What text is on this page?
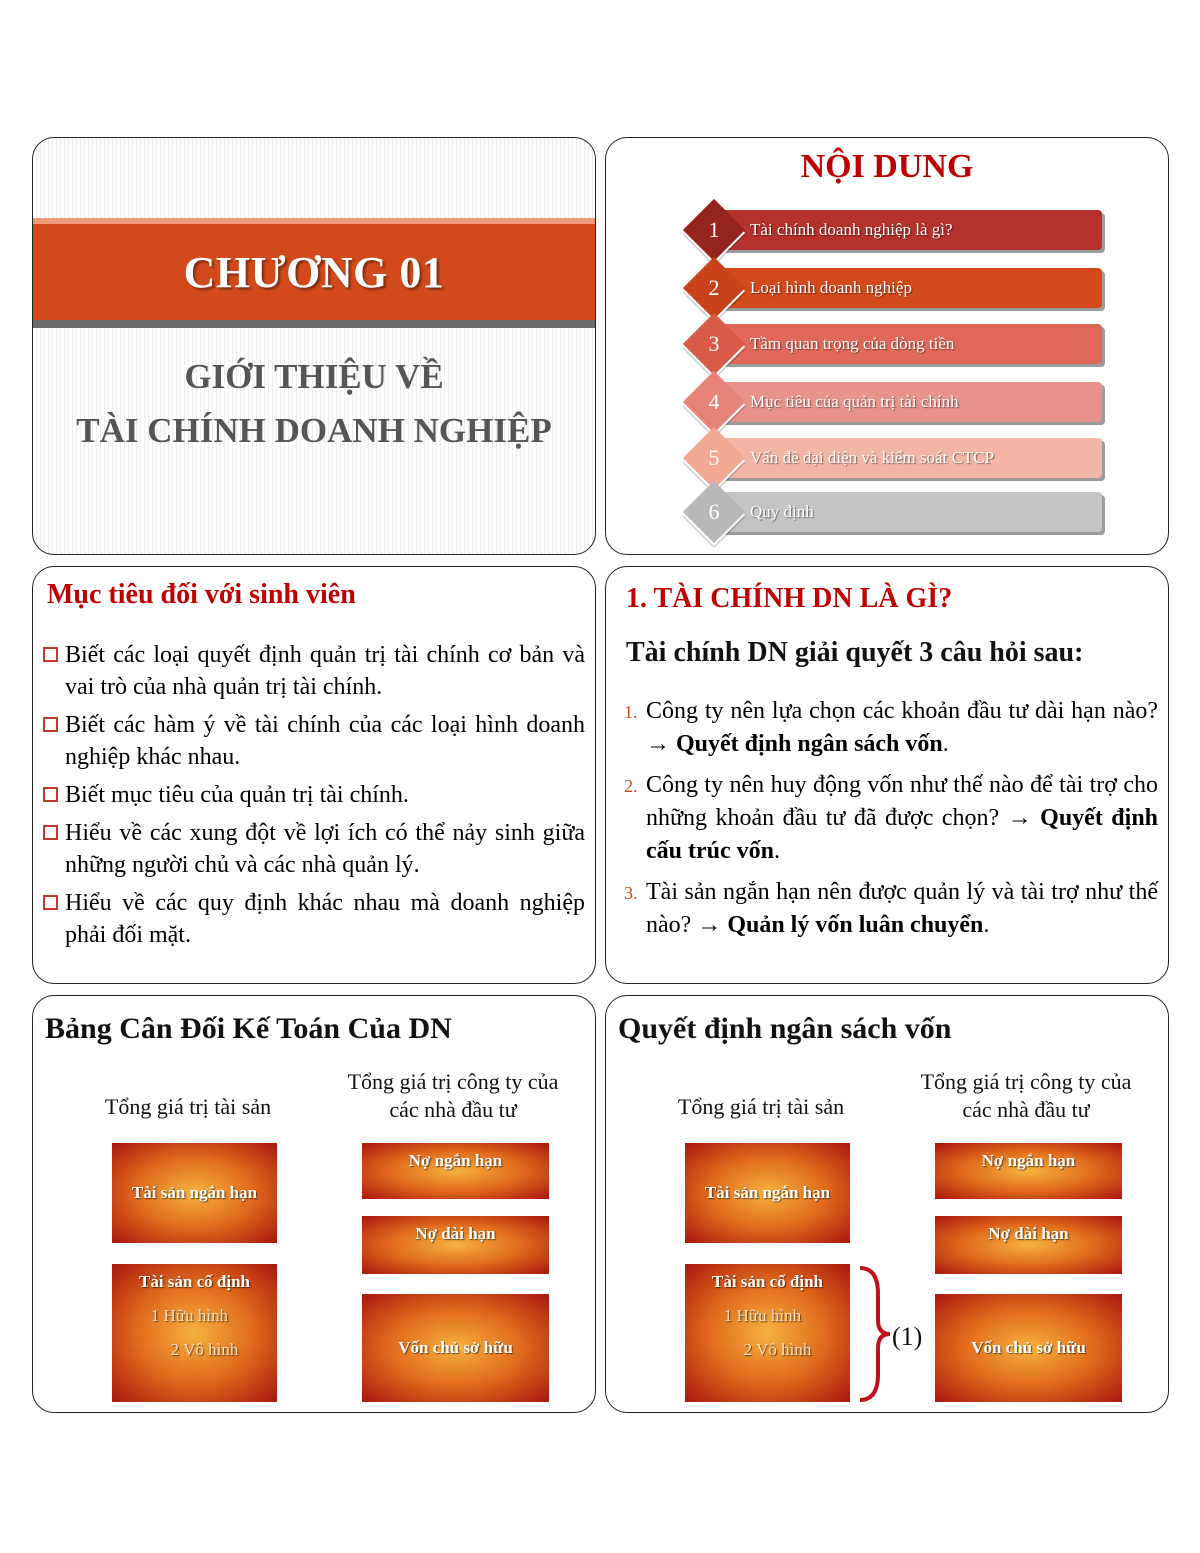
CHƯƠNG 01
GIỚI THIỆU VỀ
TÀI CHÍNH DOANH NGHIỆP
NỘI DUNG
Tài chính doanh nghiệp là gì?
1
Loại hình doanh nghiệp
2
Tầm quan trọng của dòng tiền
3
Mục tiêu của quản trị tài chính
4
Vấn đề đại diện và kiểm soát CTCP
5
Quy định
6
Mục tiêu đối với sinh viên
Biết các loại quyết định quản trị tài chính cơ bản và vai trò của nhà quản trị tài chính.
Biết các hàm ý về tài chính của các loại hình doanh nghiệp khác nhau.
Biết mục tiêu của quản trị tài chính.
Hiểu về các xung đột về lợi ích có thể nảy sinh giữa những người chủ và các nhà quản lý.
Hiểu về các quy định khác nhau mà doanh nghiệp phải đối mặt.
1. TÀI CHÍNH DN LÀ GÌ?
Tài chính DN giải quyết 3 câu hỏi sau:
1. Công ty nên lựa chọn các khoản đầu tư dài hạn nào? → Quyết định ngân sách vốn.
2. Công ty nên huy động vốn như thế nào để tài trợ cho những khoản đầu tư đã được chọn? → Quyết định cấu trúc vốn.
3. Tài sản ngắn hạn nên được quản lý và tài trợ như thế nào? → Quản lý vốn luân chuyển.
Bảng Cân Đối Kế Toán Của DN
Tổng giá trị tài sản
Tổng giá trị công ty của
các nhà đầu tư
Tài sản ngắn hạn
Tài sản cố định
1 Hữu hình
2 Vô hình
Nợ ngắn hạn
Nợ dài hạn
Vốn chủ sở hữu
Quyết định ngân sách vốn
Tổng giá trị tài sản
Tổng giá trị công ty của
các nhà đầu tư
Tài sản ngắn hạn
Tài sản cố định
1 Hữu hình
2 Vô hình	(1)
Nợ ngắn hạn
Nợ dài hạn
Vốn chủ sở hữu
